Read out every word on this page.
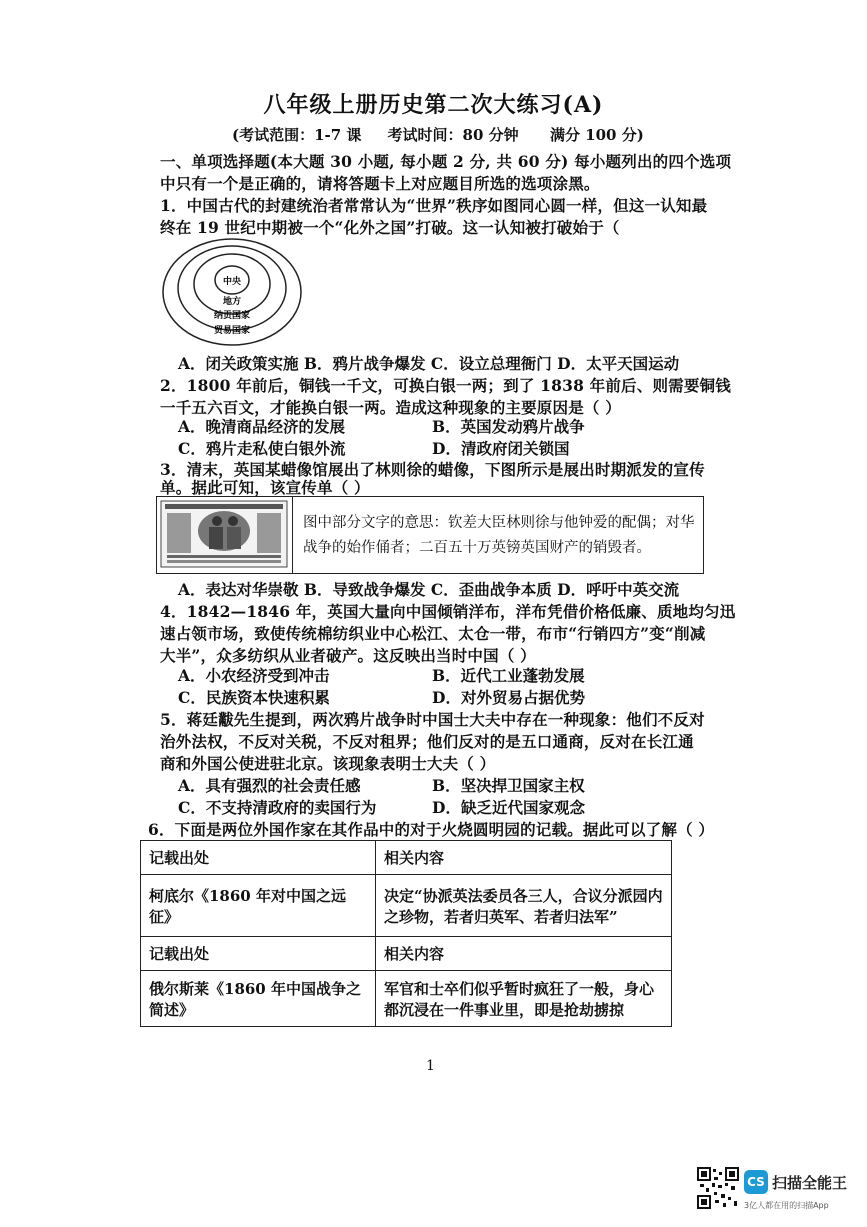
八年级上册历史第二次大练习(A)
(考试范围：1-7 课     考试时间：80 分钟      满分 100 分)
一、单项选择题(本大题 30 小题, 每小题 2 分, 共 60 分) 每小题列出的四个选项
中只有一个是正确的，请将答题卡上对应题目所选的选项涂黑。
1．中国古代的封建统治者常常认为“世界”秩序如图同心圆一样，但这一认知最
终在 19 世纪中期被一个“化外之国”打破。这一认知被打破始于（
中央
地方
纳贡国家
贸易国家
A．闭关政策实施 B．鸦片战争爆发 C．设立总理衙门 D．太平天国运动
2．1800 年前后，铜钱一千文，可换白银一两；到了 1838 年前后、则需要铜钱
一千五六百文，才能换白银一两。造成这种现象的主要原因是（ ）
A．晚清商品经济的发展	B．英国发动鸦片战争
C．鸦片走私使白银外流	D．清政府闭关锁国
3．清末，英国某蜡像馆展出了林则徐的蜡像，下图所示是展出时期派发的宣传
单。据此可知，该宣传单（ ）
图中部分文字的意思：钦差大臣林则徐与他钟爱的配偶；对华战争的始作俑者；二百五十万英镑英国财产的销毁者。
A．表达对华崇敬 B．导致战争爆发 C．歪曲战争本质 D．呼吁中英交流
4．1842—1846 年，英国大量向中国倾销洋布，洋布凭借价格低廉、质地均匀迅
速占领市场，致使传统棉纺织业中心松江、太仓一带，布市“行销四方”变“削减
大半”，众多纺织从业者破产。这反映出当时中国（ ）
A．小农经济受到冲击	B．近代工业蓬勃发展
C．民族资本快速积累	D．对外贸易占据优势
5．蒋廷黻先生提到，两次鸦片战争时中国士大夫中存在一种现象：他们不反对
治外法权，不反对关税，不反对租界；他们反对的是五口通商，反对在长江通
商和外国公使进驻北京。该现象表明士大夫（ ）
A．具有强烈的社会责任感	B．坚决捍卫国家主权
C．不支持清政府的卖国行为	D．缺乏近代国家观念
6．下面是两位外国作家在其作品中的对于火烧圆明园的记载。据此可以了解（ ）
记载出处	相关内容
柯底尔《1860 年对中国之远征》	决定“协派英法委员各三人，合议分派园内之珍物，若者归英军、若者归法军”
记载出处	相关内容
俄尔斯莱《1860 年中国战争之简述》	军官和士卒们似乎暂时疯狂了一般，身心都沉浸在一件事业里，即是抢劫掳掠
1
CS 扫描全能王
3亿人都在用的扫描App
